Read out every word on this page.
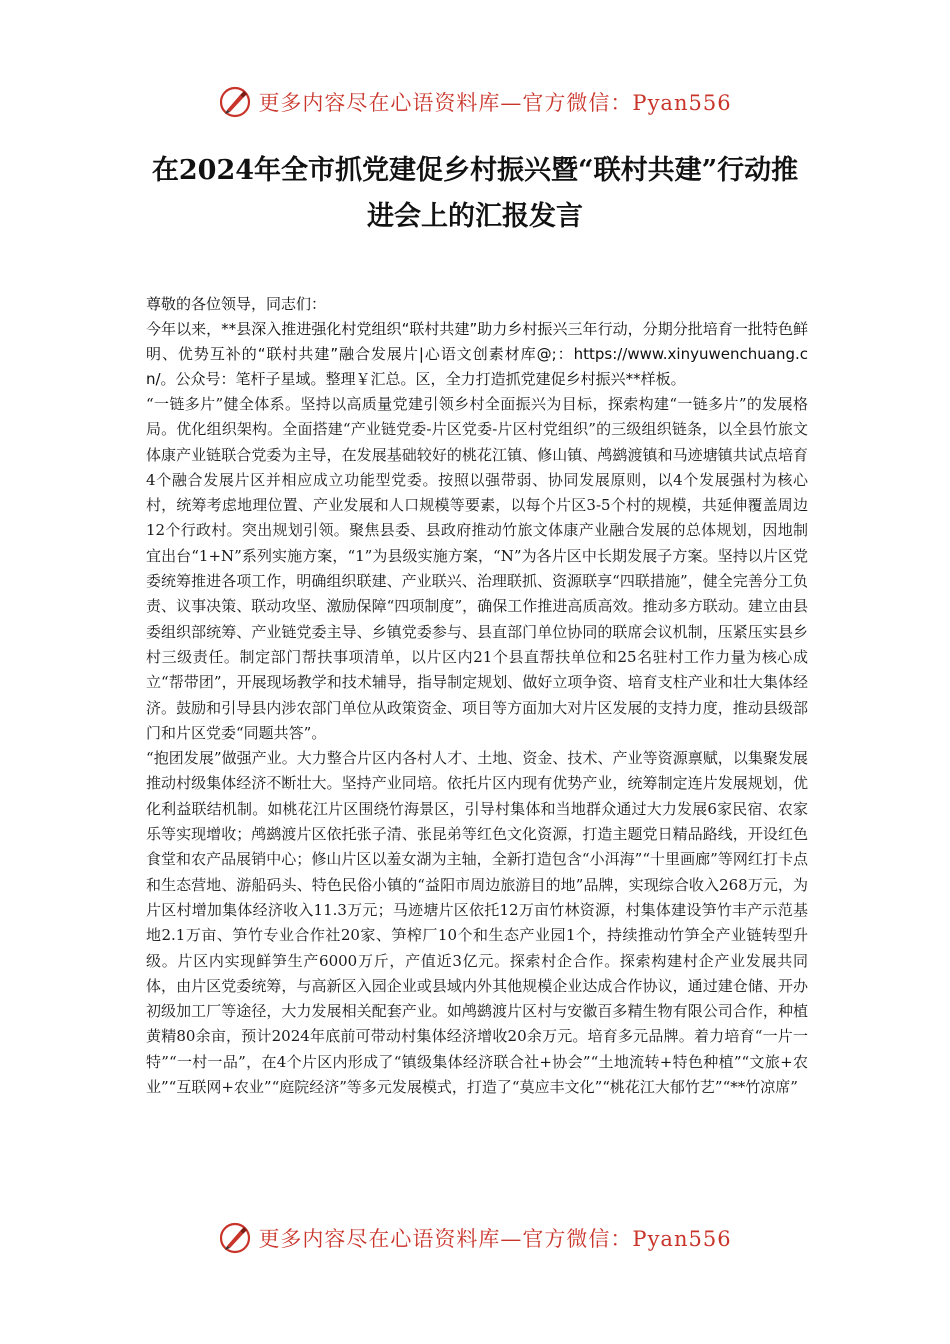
更多内容尽在心语资料库—官方微信：Pyan556
在2024年全市抓党建促乡村振兴暨“联村共建”行动推进会上的汇报发言

尊敬的各位领导，同志们：

今年以来，**县深入推进强化村党组织“联村共建”助力乡村振兴三年行动，分期分批培育一批特色鲜明、优势互补的“联村共建”融合发展片|心语文创素材库@;：https://www.xinyuwenchuang.cn/。公众号：笔杆子星域。整理￥汇总。区，全力打造抓党建促乡村振兴**样板。

“一链多片”健全体系。坚持以高质量党建引领乡村全面振兴为目标，探索构建“一链多片”的发展格局。优化组织架构。全面搭建“产业链党委-片区党委-片区村党组织”的三级组织链条，以全县竹旅文体康产业链联合党委为主导，在发展基础较好的桃花江镇、修山镇、鸬鹚渡镇和马迹塘镇共试点培育4个融合发展片区并相应成立功能型党委。按照以强带弱、协同发展原则，以4个发展强村为核心村，统筹考虑地理位置、产业发展和人口规模等要素，以每个片区3-5个村的规模，共延伸覆盖周边12个行政村。突出规划引领。聚焦县委、县政府推动竹旅文体康产业融合发展的总体规划，因地制宜出台“1+N”系列实施方案，“1”为县级实施方案，“N”为各片区中长期发展子方案。坚持以片区党委统筹推进各项工作，明确组织联建、产业联兴、治理联抓、资源联享“四联措施”，健全完善分工负责、议事决策、联动攻坚、激励保障“四项制度”，确保工作推进高质高效。推动多方联动。建立由县委组织部统筹、产业链党委主导、乡镇党委参与、县直部门单位协同的联席会议机制，压紧压实县乡村三级责任。制定部门帮扶事项清单，以片区内21个县直帮扶单位和25名驻村工作力量为核心成立“帮带团”，开展现场教学和技术辅导，指导制定规划、做好立项争资、培育支柱产业和壮大集体经济。鼓励和引导县内涉农部门单位从政策资金、项目等方面加大对片区发展的支持力度，推动县级部门和片区党委“同题共答”。

“抱团发展”做强产业。大力整合片区内各村人才、土地、资金、技术、产业等资源禀赋，以集聚发展推动村级集体经济不断壮大。坚持产业同培。依托片区内现有优势产业，统筹制定连片发展规划，优化利益联结机制。如桃花江片区围绕竹海景区，引导村集体和当地群众通过大力发展6家民宿、农家乐等实现增收；鸬鹚渡片区依托张子清、张昆弟等红色文化资源，打造主题党日精品路线，开设红色食堂和农产品展销中心；修山片区以羞女湖为主轴，全新打造包含“小洱海”“十里画廊”等网红打卡点和生态营地、游船码头、特色民俗小镇的“益阳市周边旅游目的地”品牌，实现综合收入268万元，为片区村增加集体经济收入11.3万元；马迹塘片区依托12万亩竹林资源，村集体建设笋竹丰产示范基地2.1万亩、笋竹专业合作社20家、笋榨厂10个和生态产业园1个，持续推动竹笋全产业链转型升级。片区内实现鲜笋生产6000万斤，产值近3亿元。探索村企合作。探索构建村企产业发展共同体，由片区党委统筹，与高新区入园企业或县域内外其他规模企业达成合作协议，通过建仓储、开办初级加工厂等途径，大力发展相关配套产业。如鸬鹚渡片区村与安徽百多精生物有限公司合作，种植黄精80余亩，预计2024年底前可带动村集体经济增收20余万元。培育多元品牌。着力培育“一片一特”“一村一品”，在4个片区内形成了“镇级集体经济联合社+协会”“土地流转+特色种植”“文旅+农业”“互联网+农业”“庭院经济”等多元发展模式，打造了“莫应丰文化”“桃花江大郁竹艺”“**竹凉席”

更多内容尽在心语资料库—官方微信：Pyan556
